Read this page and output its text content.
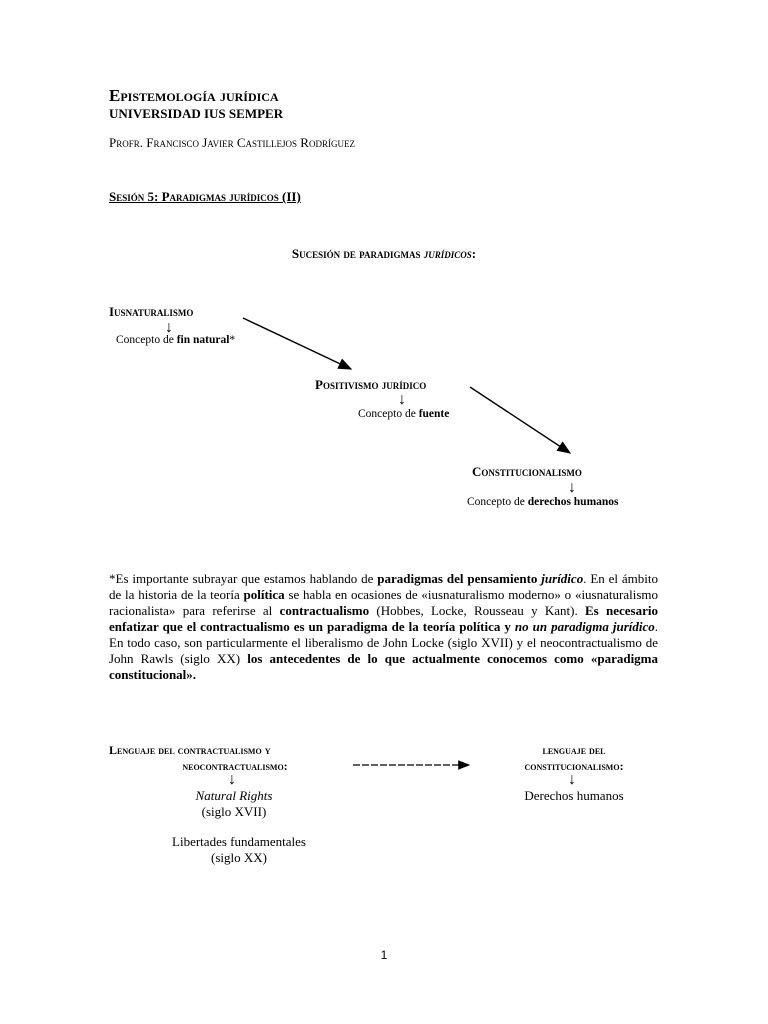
Epistemología jurídica
UNIVERSIDAD IUS SEMPER
Profr. Francisco Javier Castillejos Rodríguez
Sesión 5: Paradigmas jurídicos (II)
Sucesión de paradigmas jurídicos:
Iusnaturalismo
↓
Concepto de fin natural*
Positivismo jurídico
↓
Concepto de fuente
Constitucionalismo
↓
Concepto de derechos humanos
*Es importante subrayar que estamos hablando de paradigmas del pensamiento jurídico. En el ámbito de la historia de la teoría política se habla en ocasiones de «iusnaturalismo moderno» o «iusnaturalismo racionalista» para referirse al contractualismo (Hobbes, Locke, Rousseau y Kant). Es necesario enfatizar que el contractualismo es un paradigma de la teoría política y no un paradigma jurídico. En todo caso, son particularmente el liberalismo de John Locke (siglo XVII) y el neocontractualismo de John Rawls (siglo XX) los antecedentes de lo que actualmente conocemos como «paradigma constitucional».
Lenguaje del contractualismo y
neocontractualismo:
↓
Natural Rights
(siglo XVII)
Libertades fundamentales
(siglo XX)
lenguaje del
constitucionalismo:
↓
Derechos humanos
1
